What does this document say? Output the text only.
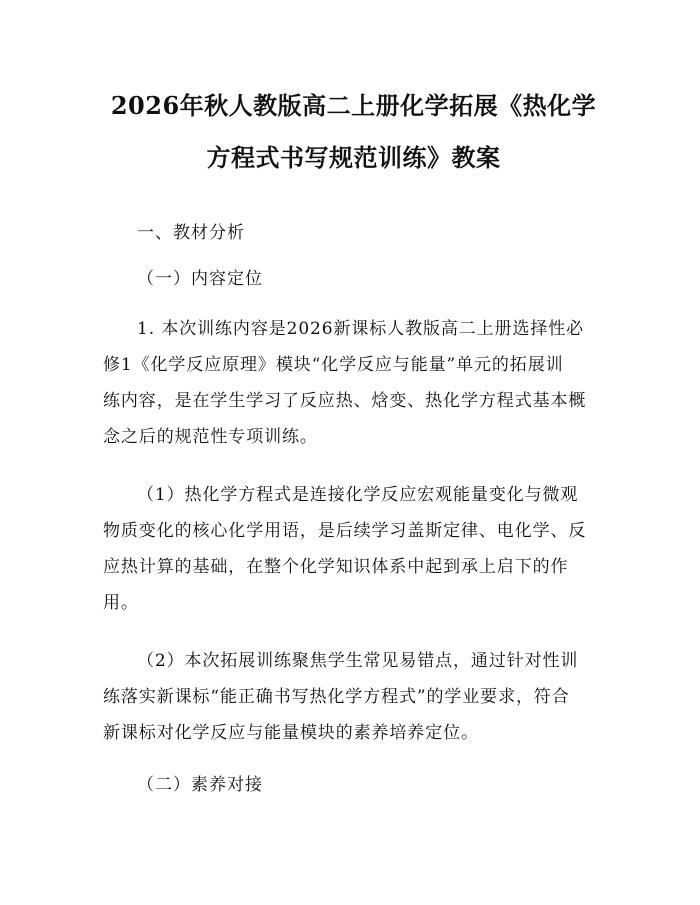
2026年秋人教版高二上册化学拓展《热化学
方程式书写规范训练》教案

一、教材分析

（一）内容定位

1. 本次训练内容是2026新课标人教版高二上册选择性必
修1《化学反应原理》模块“化学反应与能量”单元的拓展训
练内容，是在学生学习了反应热、焓变、热化学方程式基本概
念之后的规范性专项训练。

（1）热化学方程式是连接化学反应宏观能量变化与微观
物质变化的核心化学用语，是后续学习盖斯定律、电化学、反
应热计算的基础，在整个化学知识体系中起到承上启下的作
用。

（2）本次拓展训练聚焦学生常见易错点，通过针对性训
练落实新课标“能正确书写热化学方程式”的学业要求，符合
新课标对化学反应与能量模块的素养培养定位。

（二）素养对接
